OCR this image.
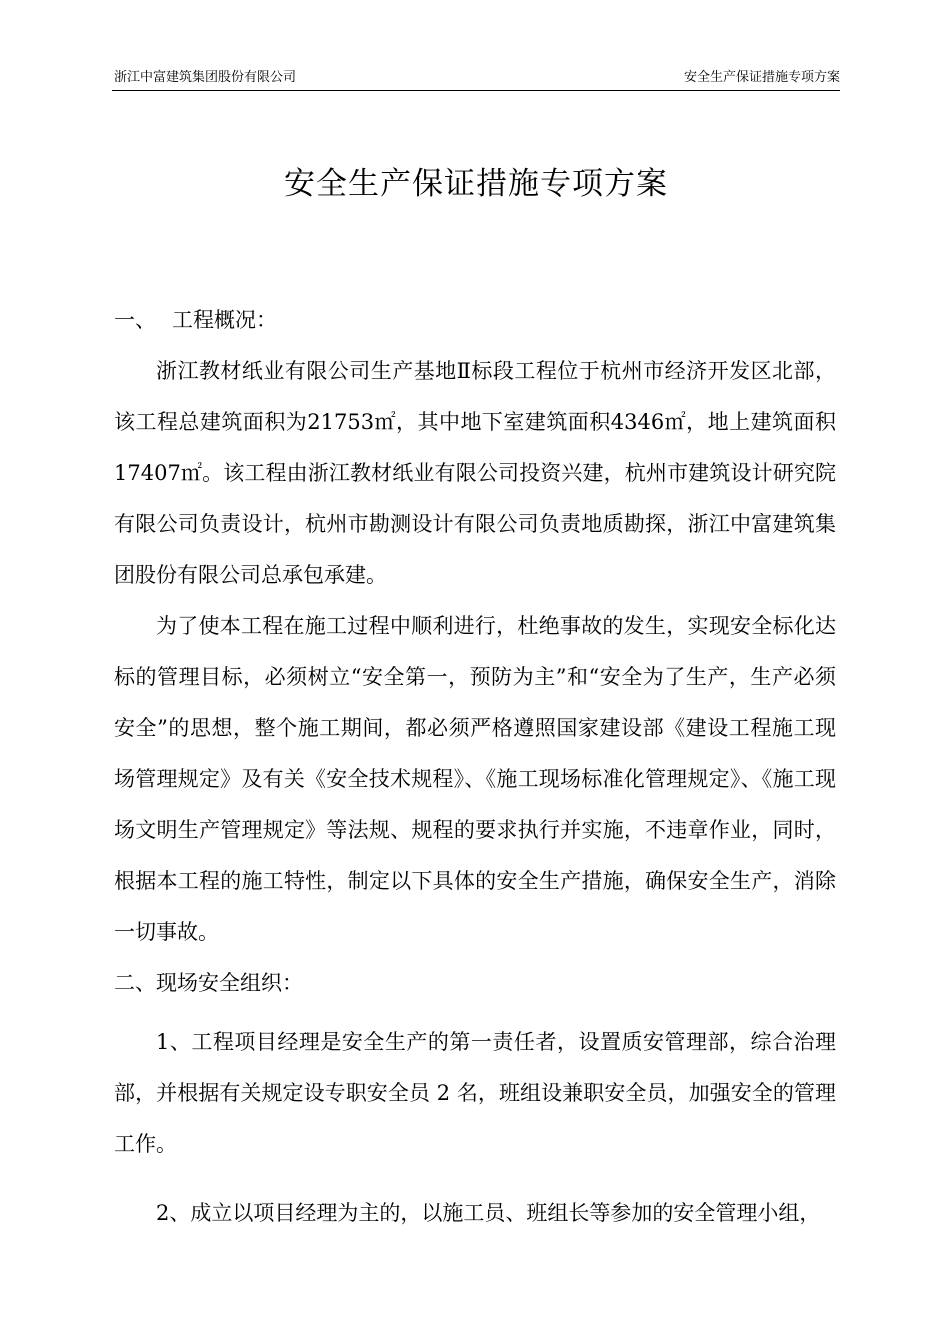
浙江中富建筑集团股份有限公司	安全生产保证措施专项方案
安全生产保证措施专项方案

一、 工程概况：

浙江教材纸业有限公司生产基地Ⅱ标段工程位于杭州市经济开发区北部，该工程总建筑面积为21753㎡，其中地下室建筑面积4346㎡，地上建筑面积17407㎡。该工程由浙江教材纸业有限公司投资兴建，杭州市建筑设计研究院有限公司负责设计，杭州市勘测设计有限公司负责地质勘探，浙江中富建筑集团股份有限公司总承包承建。

为了使本工程在施工过程中顺利进行，杜绝事故的发生，实现安全标化达标的管理目标，必须树立“安全第一，预防为主”和“安全为了生产，生产必须安全”的思想，整个施工期间，都必须严格遵照国家建设部《建设工程施工现场管理规定》及有关《安全技术规程》、《施工现场标准化管理规定》、《施工现场文明生产管理规定》等法规、规程的要求执行并实施，不违章作业，同时，根据本工程的施工特性，制定以下具体的安全生产措施，确保安全生产，消除一切事故。

二、现场安全组织：

1、工程项目经理是安全生产的第一责任者，设置质安管理部，综合治理部，并根据有关规定设专职安全员 2 名，班组设兼职安全员，加强安全的管理工作。

2、成立以项目经理为主的，以施工员、班组长等参加的安全管理小组，
